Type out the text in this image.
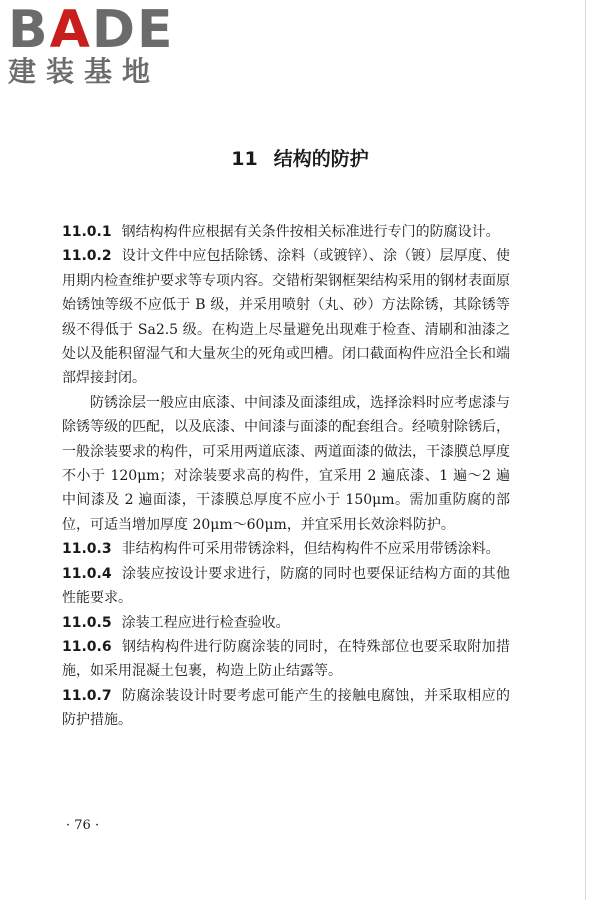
BADE
建装基地
11 结构的防护

11.0.1 钢结构构件应根据有关条件按相关标准进行专门的防腐设计。

11.0.2 设计文件中应包括除锈、涂料（或镀锌）、涂（镀）层厚度、使用期内检查维护要求等专项内容。交错桁架钢框架结构采用的钢材表面原始锈蚀等级不应低于 B 级，并采用喷射（丸、砂）方法除锈，其除锈等级不得低于 Sa2.5 级。在构造上尽量避免出现难于检查、清刷和油漆之处以及能积留湿气和大量灰尘的死角或凹槽。闭口截面构件应沿全长和端部焊接封闭。

防锈涂层一般应由底漆、中间漆及面漆组成，选择涂料时应考虑漆与除锈等级的匹配，以及底漆、中间漆与面漆的配套组合。经喷射除锈后，一般涂装要求的构件，可采用两道底漆、两道面漆的做法，干漆膜总厚度不小于 120μm；对涂装要求高的构件，宜采用 2 遍底漆、1 遍～2 遍中间漆及 2 遍面漆，干漆膜总厚度不应小于 150μm。需加重防腐的部位，可适当增加厚度 20μm～60μm，并宜采用长效涂料防护。

11.0.3 非结构构件可采用带锈涂料，但结构构件不应采用带锈涂料。

11.0.4 涂装应按设计要求进行，防腐的同时也要保证结构方面的其他性能要求。

11.0.5 涂装工程应进行检查验收。

11.0.6 钢结构构件进行防腐涂装的同时，在特殊部位也要采取附加措施，如采用混凝土包裹，构造上防止结露等。

11.0.7 防腐涂装设计时要考虑可能产生的接触电腐蚀，并采取相应的防护措施。

· 76 ·
